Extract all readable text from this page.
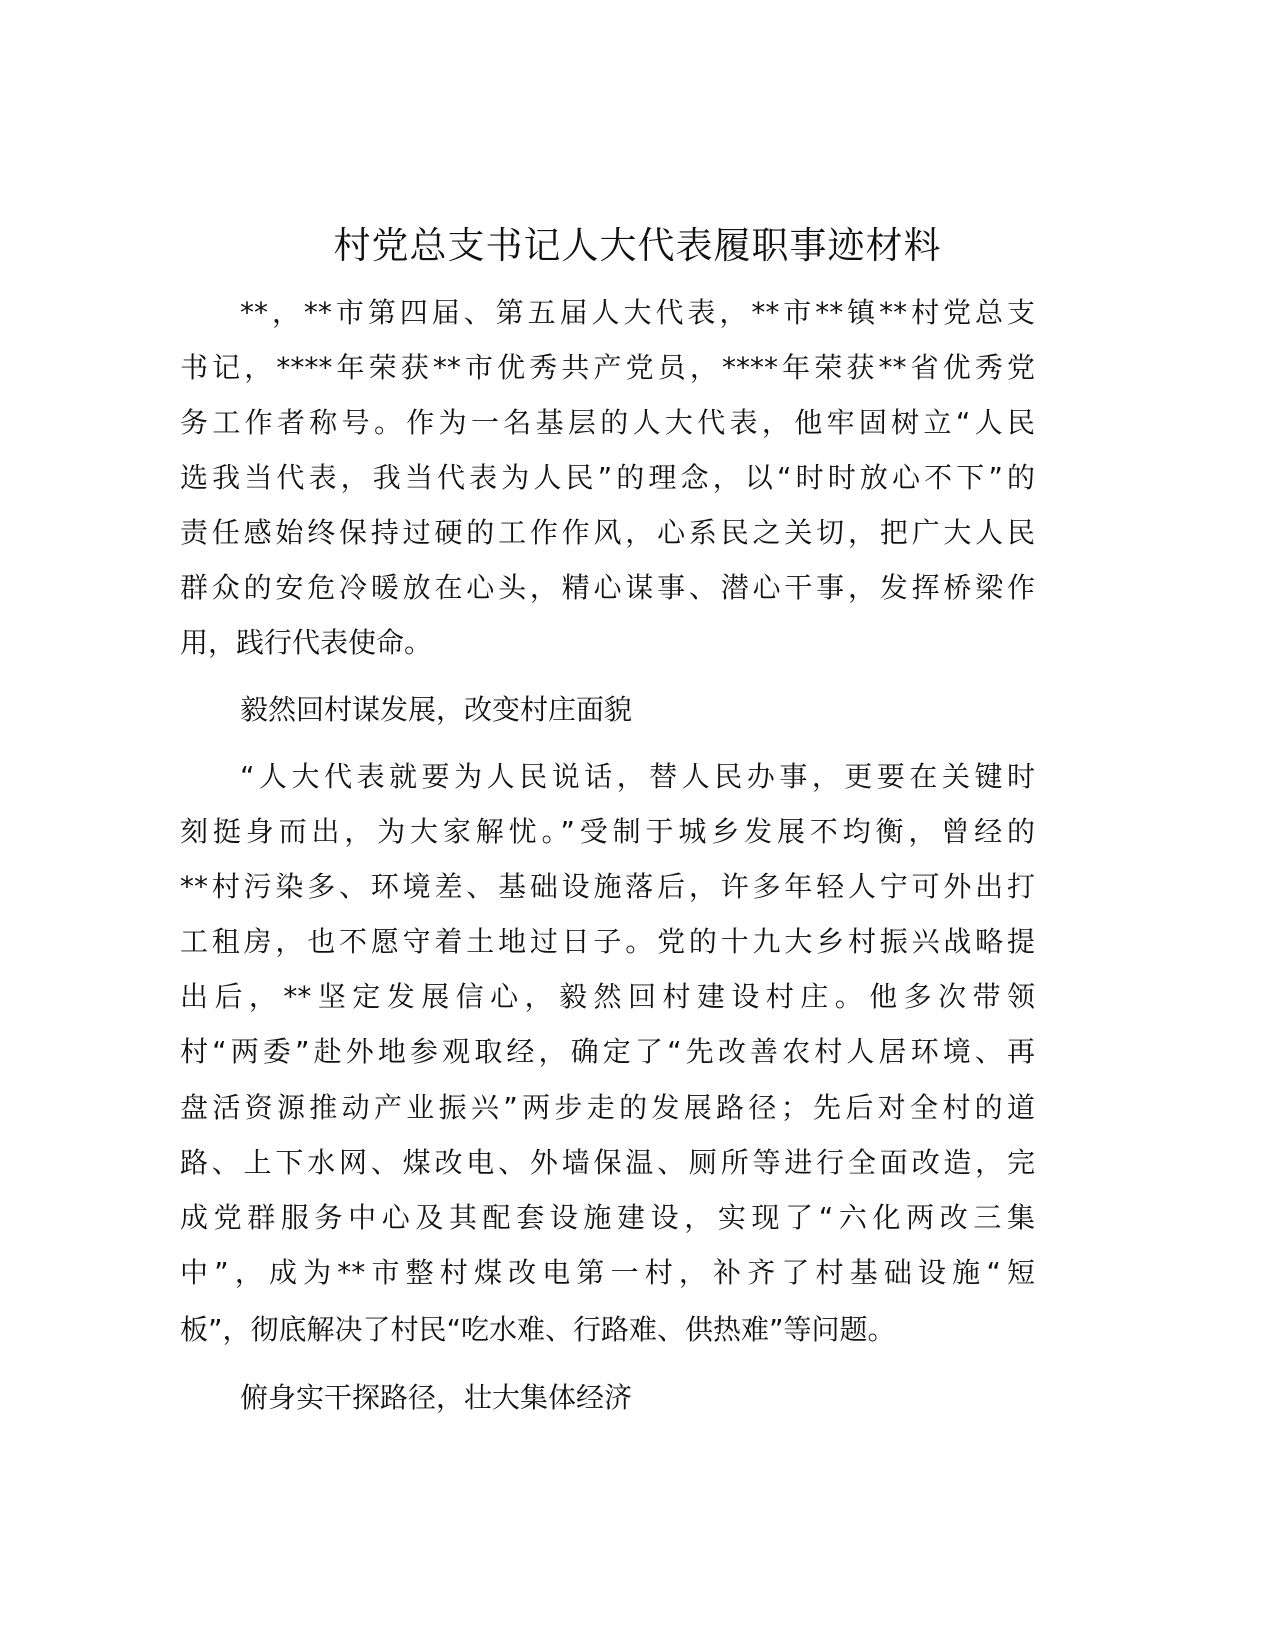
村党总支书记人大代表履职事迹材料
**，**市第四届、第五届人大代表，**市**镇**村党总支
书记，****年荣获**市优秀共产党员，****年荣获**省优秀党
务工作者称号。作为一名基层的人大代表，他牢固树立“人民
选我当代表，我当代表为人民”的理念，以“时时放心不下”的
责任感始终保持过硬的工作作风，心系民之关切，把广大人民
群众的安危冷暖放在心头，精心谋事、潜心干事，发挥桥梁作
用，践行代表使命。
毅然回村谋发展，改变村庄面貌
“人大代表就要为人民说话，替人民办事，更要在关键时
刻挺身而出，为大家解忧。”受制于城乡发展不均衡，曾经的
**村污染多、环境差、基础设施落后，许多年轻人宁可外出打
工租房，也不愿守着土地过日子。党的十九大乡村振兴战略提
出后，**坚定发展信心，毅然回村建设村庄。他多次带领
村“两委”赴外地参观取经，确定了“先改善农村人居环境、再
盘活资源推动产业振兴”两步走的发展路径；先后对全村的道
路、上下水网、煤改电、外墙保温、厕所等进行全面改造，完
成党群服务中心及其配套设施建设，实现了“六化两改三集
中”，成为**市整村煤改电第一村，补齐了村基础设施“短
板”，彻底解决了村民“吃水难、行路难、供热难”等问题。
俯身实干探路径，壮大集体经济
